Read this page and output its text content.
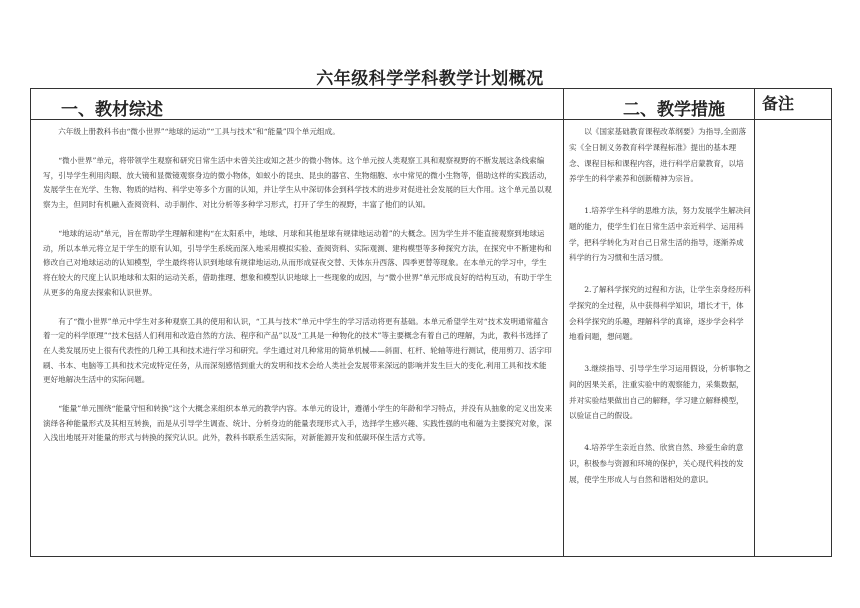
六年级科学学科教学计划概况
一、教材综述	二、教学措施 备注

六年级上册教科书由“微小世界”“地球的运动”“工具与技术”和“能量”四个单元组成。

“微小世界”单元，将带领学生观察和研究日常生活中未曾关注或知之甚少的微小物体。这个单元按人类观察工具和观察视野的不断发展这条线索编写，引导学生利用肉眼、放大镜和显微镜观察身边的微小物体，如蚁小的昆虫、昆虫的器官、生物细胞、水中常见的微小生物等，借助这样的实践活动，发展学生在光学、生物、物质的结构、科学史等多个方面的认知，并让学生从中深切体会到科学技术的进步对促进社会发展的巨大作用。这个单元虽以观察为主，但同时有机融入查阅资料、动手制作、对比分析等多种学习形式，打开了学生的视野，丰富了他们的认知。

“地球的运动”单元，旨在帮助学生理解和建构“在太阳系中，地球、月球和其他星球有规律地运动着”的大概念。因为学生并不能直接观察到地球运动，所以本单元将立足于学生的原有认知，引导学生系统而深入地采用模拟实验、查阅资料、实际观测、建构模型等多种探究方法，在探究中不断建构和修改自己对地球运动的认知模型，学生最终将认识到地球有规律地运动,从而形成昼夜交替、天体东升西落、四季更替等现象。在本单元的学习中，学生将在较大的尺度上认识地球和太阳的运动关系，借助推理、想象和模型认识地球上一些现象的成因，与“微小世界”单元形成良好的结构互动，有助于学生从更多的角度去探索和认识世界。

有了“微小世界”单元中学生对多种观察工具的使用和认识，“工具与技术”单元中学生的学习活动将更有基础。本单元希望学生对“技术发明通常蕴含着一定的科学原理”“技术包括人们利用和改造自然的方法、程序和产品”以及“工具是一种物化的技术”等主要概念有着自己的理解，为此，教科书选择了在人类发展历史上很有代表性的几种工具和技术进行学习和研究。学生通过对几种常用的简单机械——斜面、杠杆、轮轴等进行测试，使用剪刀、活字印刷、书本、电脑等工具和技术完成特定任务，从而深刻感悟到重大的发明和技术会给人类社会发展带来深远的影响并发生巨大的变化,利用工具和技术能更好地解决生活中的实际问题。

“能量”单元围绕“能量守恒和转换”这个大概念来组织本单元的教学内容。本单元的设计，遵循小学生的年龄和学习特点，并没有从抽象的定义出发来演绎各种能量形式及其相互转换，而是从引导学生调查、统计、分析身边的能量表现形式入手，选择学生感兴趣、实践性强的电和磁为主要探究对象，深入浅出地展开对能量的形式与转换的探究认识。此外，教科书联系生活实际，对新能源开发和低碳环保生活方式等。

以《国家基础教育课程改革纲要》为指导,全面落实《全日制义务教育科学课程标准》提出的基本理念、课程目标和课程内容，进行科学启蒙教育，以培养学生的科学素养和创新精神为宗旨。

1.培养学生科学的思维方法，努力发展学生解决问题的能力，使学生们在日常生活中亲近科学、运用科学，把科学转化为对自己日常生活的指导，逐渐养成科学的行为习惯和生活习惯。

2.了解科学探究的过程和方法，让学生亲身经历科学探究的全过程，从中获得科学知识，增长才干，体会科学探究的乐趣，理解科学的真谛，逐步学会科学地看问题，想问题。

3.继续指导、引导学生学习运用假设，分析事物之间的因果关系，注重实验中的观察能力，采集数据，并对实验结果做出自己的解释，学习建立解释模型，以验证自己的假设。

4.培养学生亲近自然、欣赏自然、珍爱生命的意识，积极参与资源和环境的保护，关心现代科技的发展，使学生形成人与自然和谐相处的意识。
